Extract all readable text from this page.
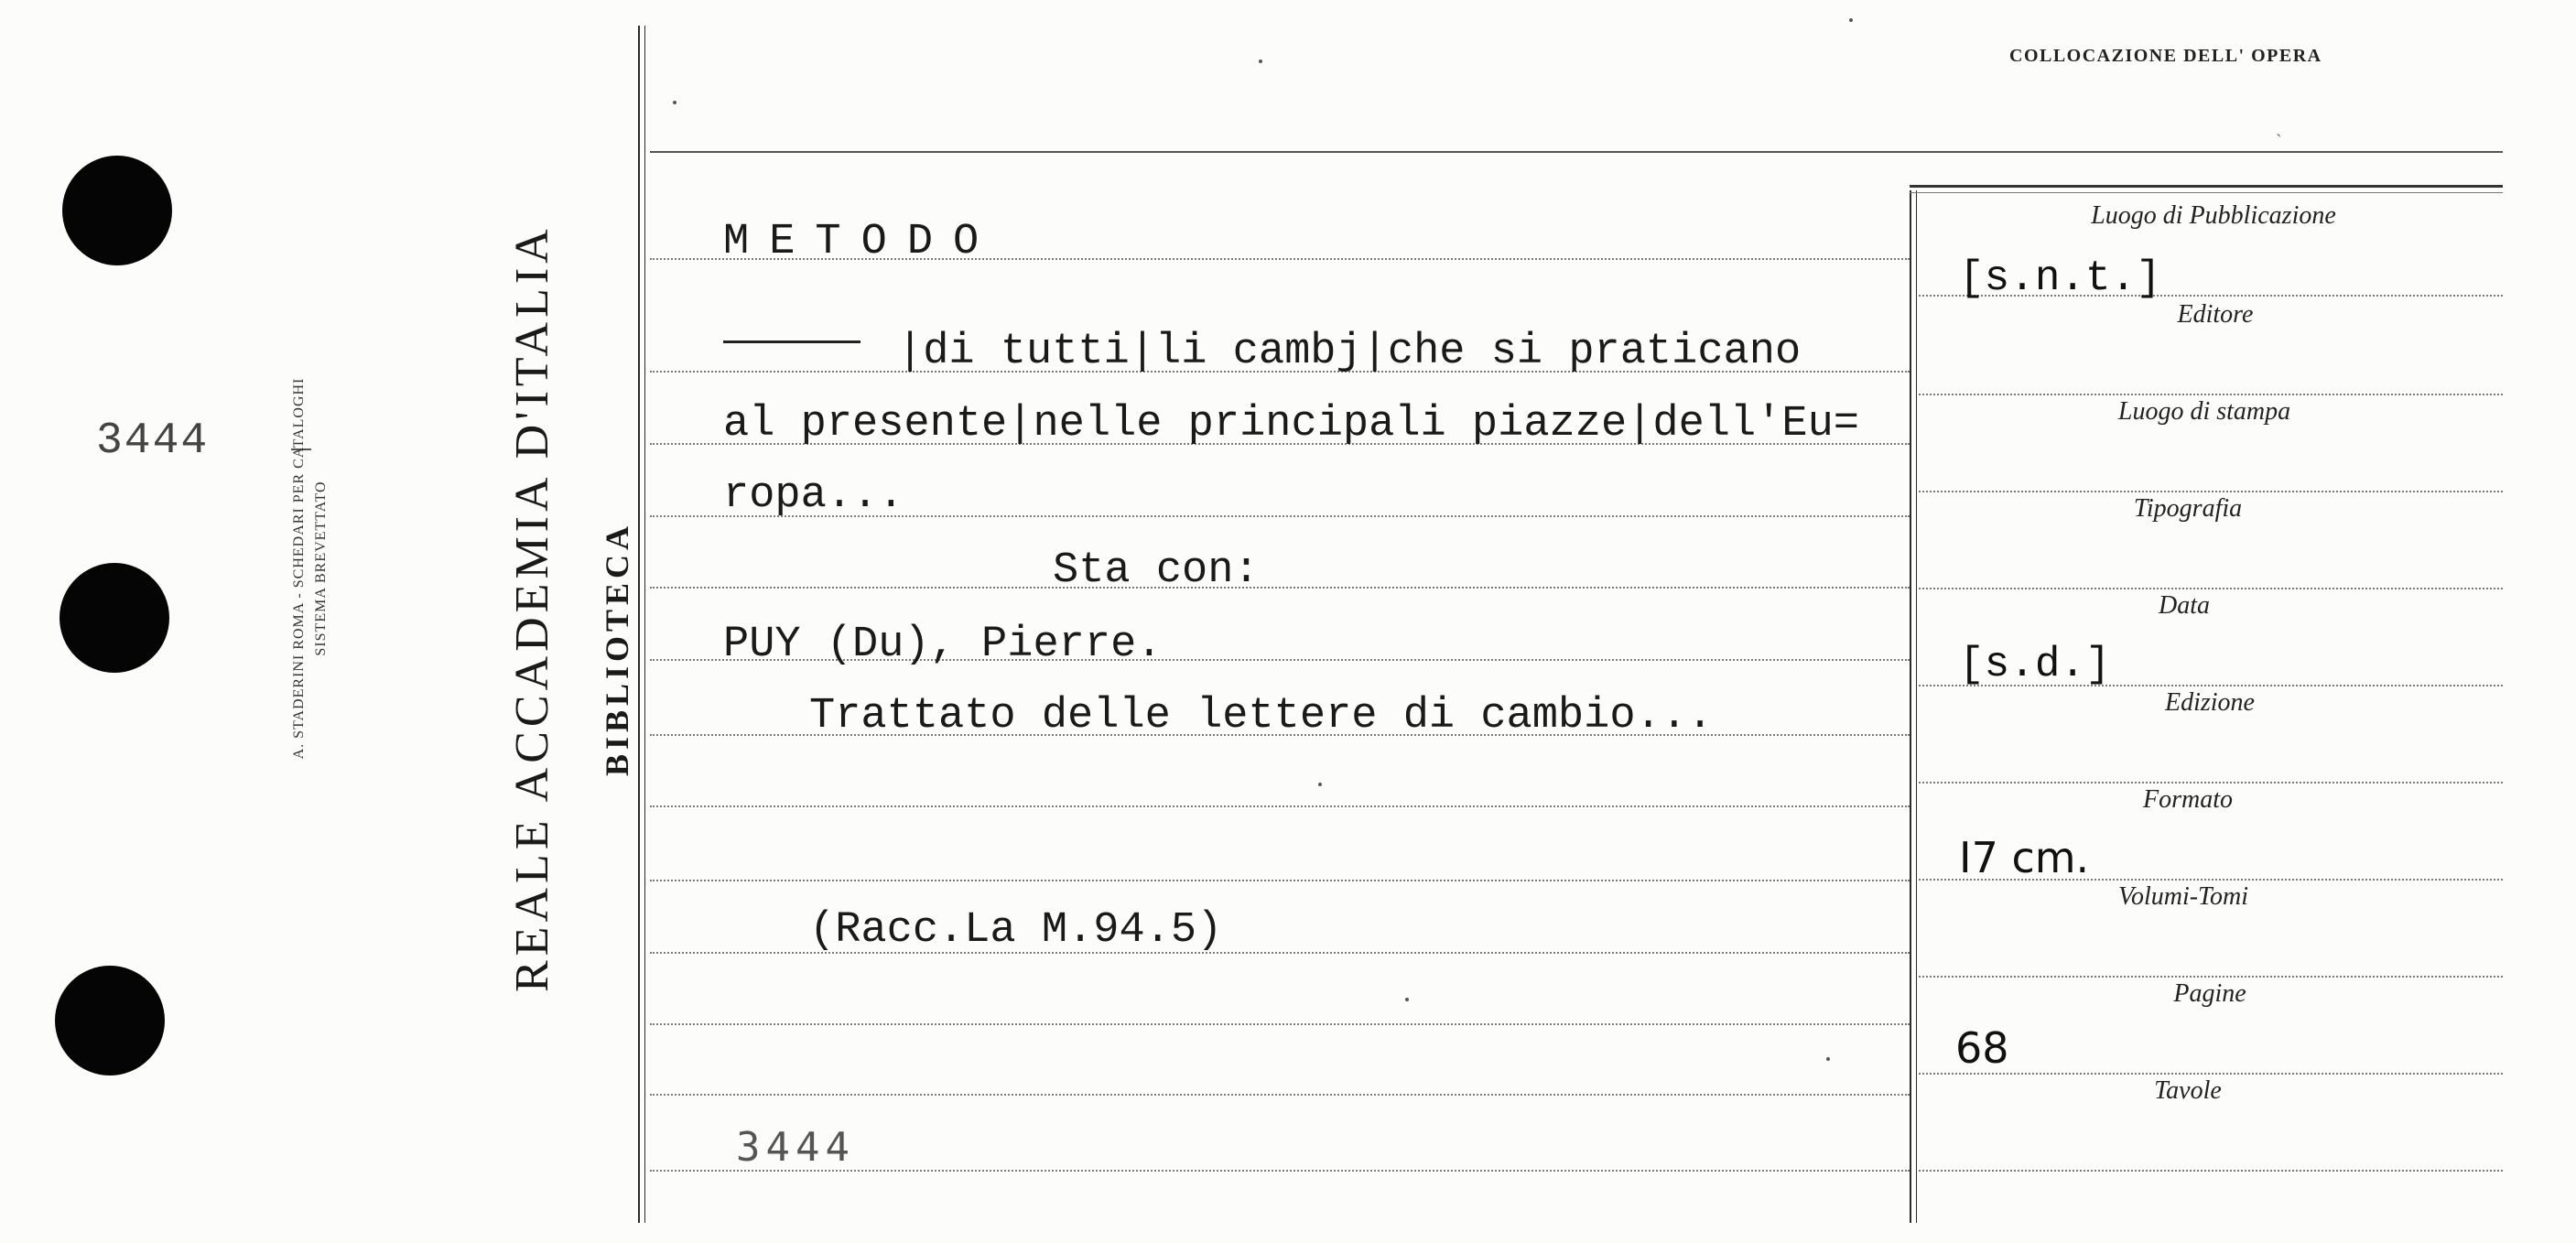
3444	A. STADERINI ROMA - SCHEDARI PER CATALOGHI SISTEMA BREVETTATO	REALE ACCADEMIA D'ITALIA BIBLIOTECA
COLLOCAZIONE DELL' OPERA
ˎ
METODO
|di tutti|li cambj|che si praticano
al presente|nelle principali piazze|dell'Eu=
ropa...
Sta con:
PUY (Du), Pierre.
Trattato delle lettere di cambio...
(Racc.La M.94.5)
3444
Luogo di Pubblicazione
[s.n.t.]
Editore
Luogo di stampa
Tipografia
Data
[s.d.]
Edizione
Formato
I7 cm.
Volumi-Tomi
Pagine
68
Tavole
